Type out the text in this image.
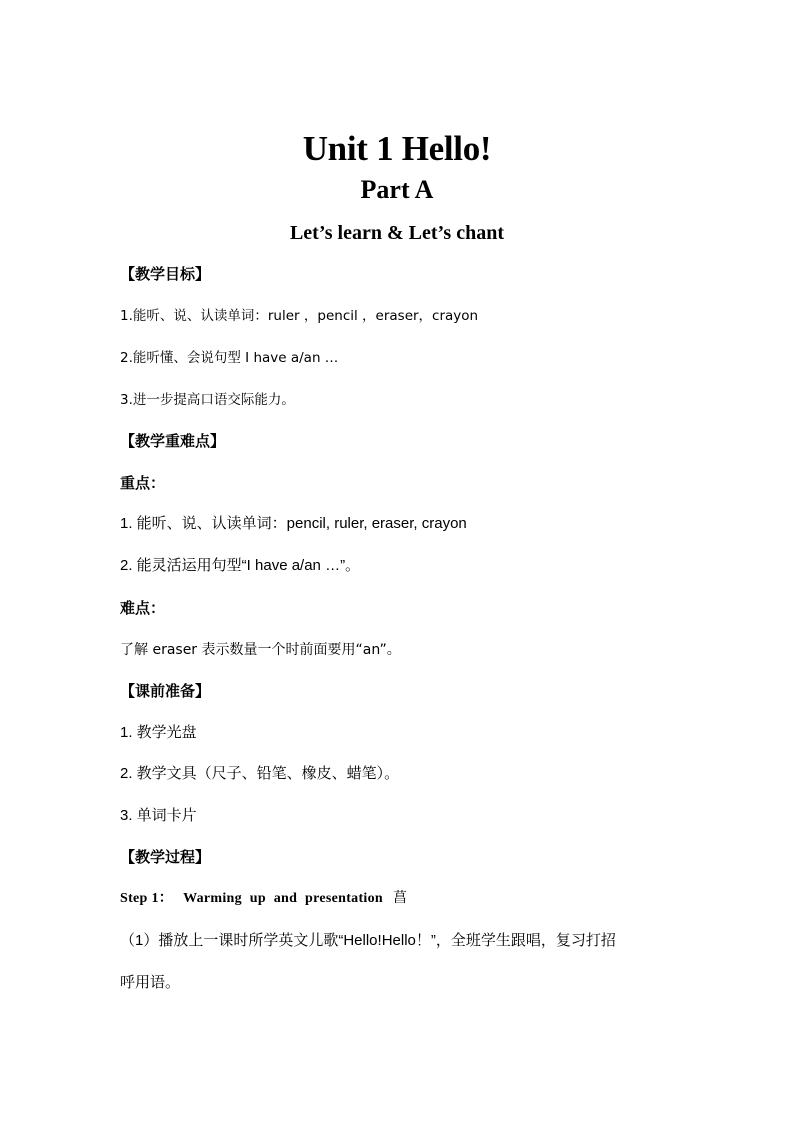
Unit 1 Hello!
Part A
Let’s learn & Let’s chant
【教学目标】
1.能听、说、认读单词：ruler ，pencil ，eraser，crayon
2.能听懂、会说句型 I have a/an …
3.进一步提高口语交际能力。
【教学重难点】
重点：
1. 能听、说、认读单词：pencil, ruler, eraser, crayon
2. 能灵活运用句型“I have a/an …”。
难点：
了解 eraser 表示数量一个时前面要用“an”。
【课前准备】
1. 教学光盘
2. 教学文具（尺子、铅笔、橡皮、蜡笔）。
3. 单词卡片
【教学过程】
Step 1： Warming up and presentation 菖
（1）播放上一课时所学英文儿歌“Hello!Hello！”，全班学生跟唱，复习打招
呼用语。
